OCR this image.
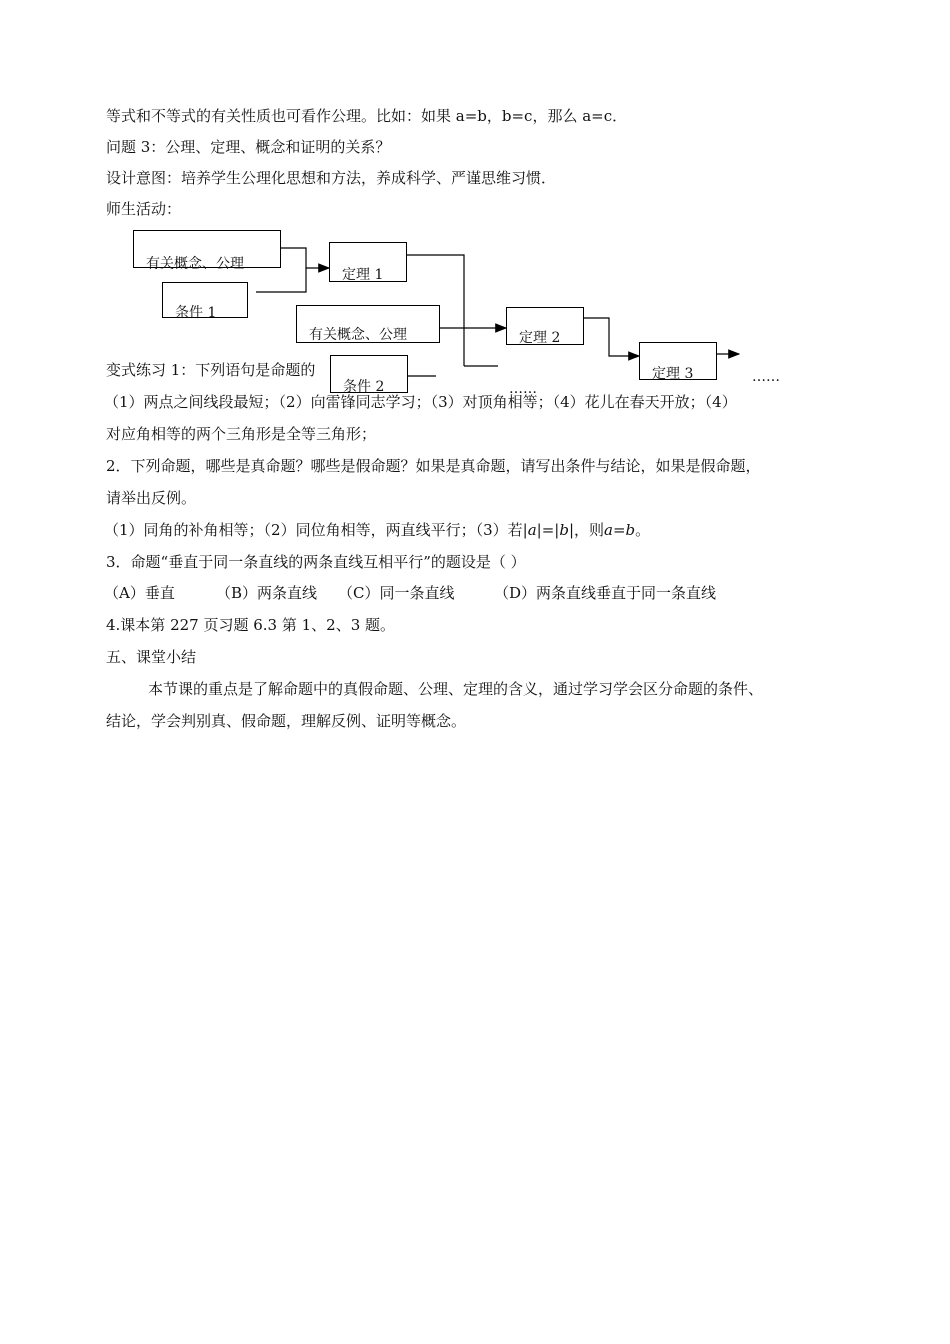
等式和不等式的有关性质也可看作公理。比如：如果 a=b，b=c，那么 a=c．
问题 3：公理、定理、概念和证明的关系？
设计意图：培养学生公理化思想和方法，养成科学、严谨思维习惯．
师生活动：
有关概念、公理
条件 1
定理 1
有关概念、公理
条件 2
定理 2
定理 3
……
……
变式练习 1：下列语句是命题的
（1）两点之间线段最短；（2）向雷锋同志学习；（3）对顶角相等；（4）花儿在春天开放；（4）
对应角相等的两个三角形是全等三角形；
2．下列命题，哪些是真命题？哪些是假命题？如果是真命题，请写出条件与结论，如果是假命题，
请举出反例。
（1）同角的补角相等；（2）同位角相等，两直线平行；（3）若|a|=|b|，则a=b。
3．命题“垂直于同一条直线的两条直线互相平行”的题设是（ ）
（A）垂直	（B）两条直线 （C）同一条直线	（D）两条直线垂直于同一条直线
4.课本第 227 页习题 6.3 第 1、2、3 题。
五、课堂小结
本节课的重点是了解命题中的真假命题、公理、定理的含义，通过学习学会区分命题的条件、
结论，学会判别真、假命题，理解反例、证明等概念。
